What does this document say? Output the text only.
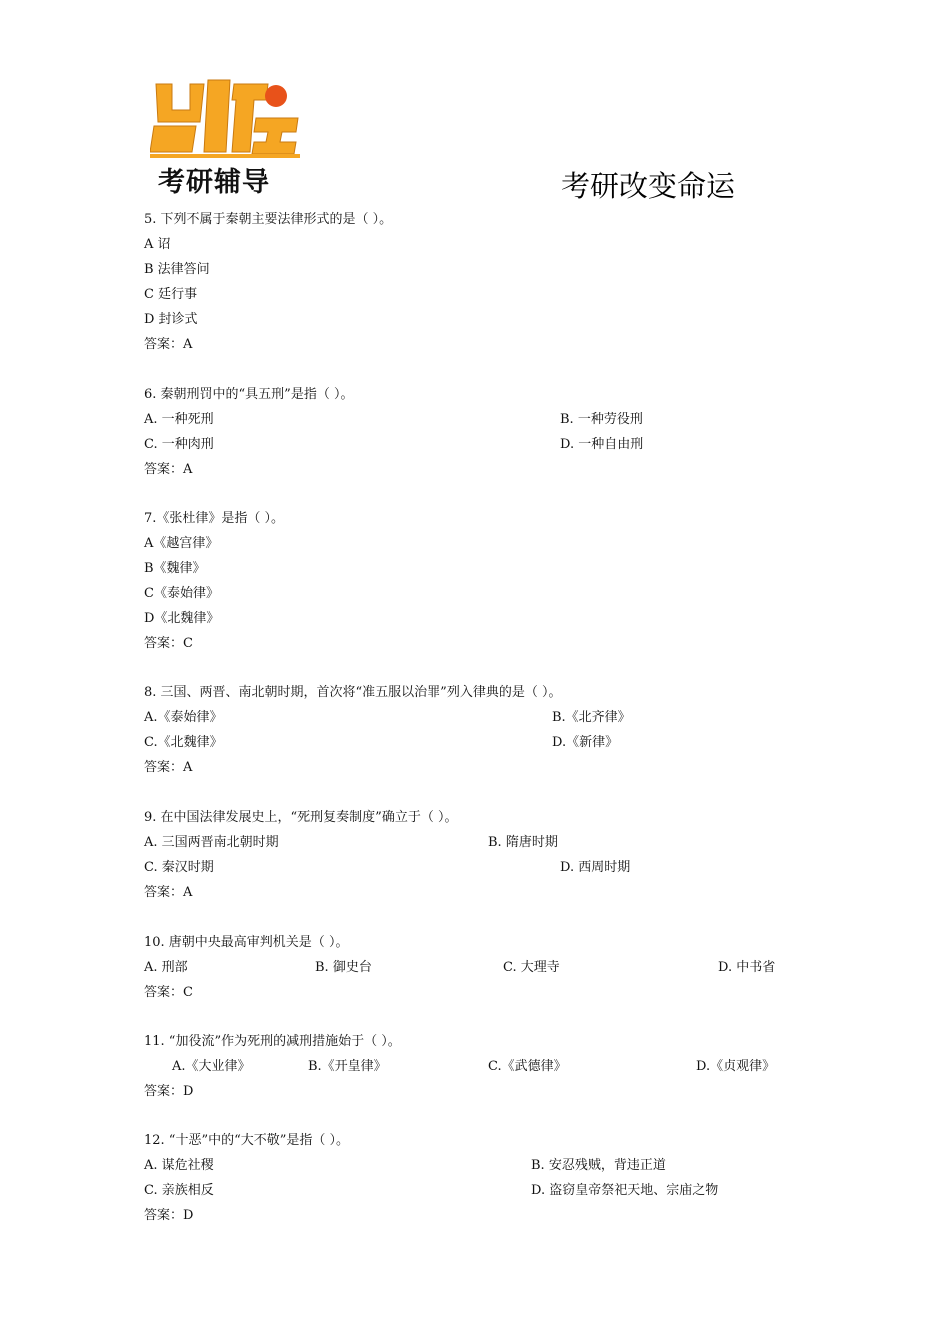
考研辅导	考研改变命运
5. 下列不属于秦朝主要法律形式的是（ ）。
A 诏
B 法律答问
C 廷行事
D 封诊式
答案：A
6. 秦朝刑罚中的“具五刑”是指（ ）。
A. 一种死刑	B. 一种劳役刑
C. 一种肉刑	D. 一种自由刑
答案：A
7.《张杜律》是指（ ）。
A《越宫律》
B《魏律》
C《泰始律》
D《北魏律》
答案：C
8. 三国、两晋、南北朝时期，首次将“准五服以治罪”列入律典的是（ ）。
A.《泰始律》	B.《北齐律》
C.《北魏律》	D.《新律》
答案：A
9. 在中国法律发展史上，“死刑复奏制度”确立于（ ）。
A. 三国两晋南北朝时期	B. 隋唐时期
C. 秦汉时期	D. 西周时期
答案：A
10. 唐朝中央最高审判机关是（ ）。
A. 刑部	B. 御史台	C. 大理寺	D. 中书省
答案：C
11. “加役流”作为死刑的减刑措施始于（ ）。
A.《大业律》	B.《开皇律》	C.《武德律》	D.《贞观律》
答案：D
12. “十恶”中的“大不敬”是指（ ）。
A. 谋危社稷	B. 安忍残贼，背违正道
C. 亲族相反	D. 盗窃皇帝祭祀天地、宗庙之物
答案：D
